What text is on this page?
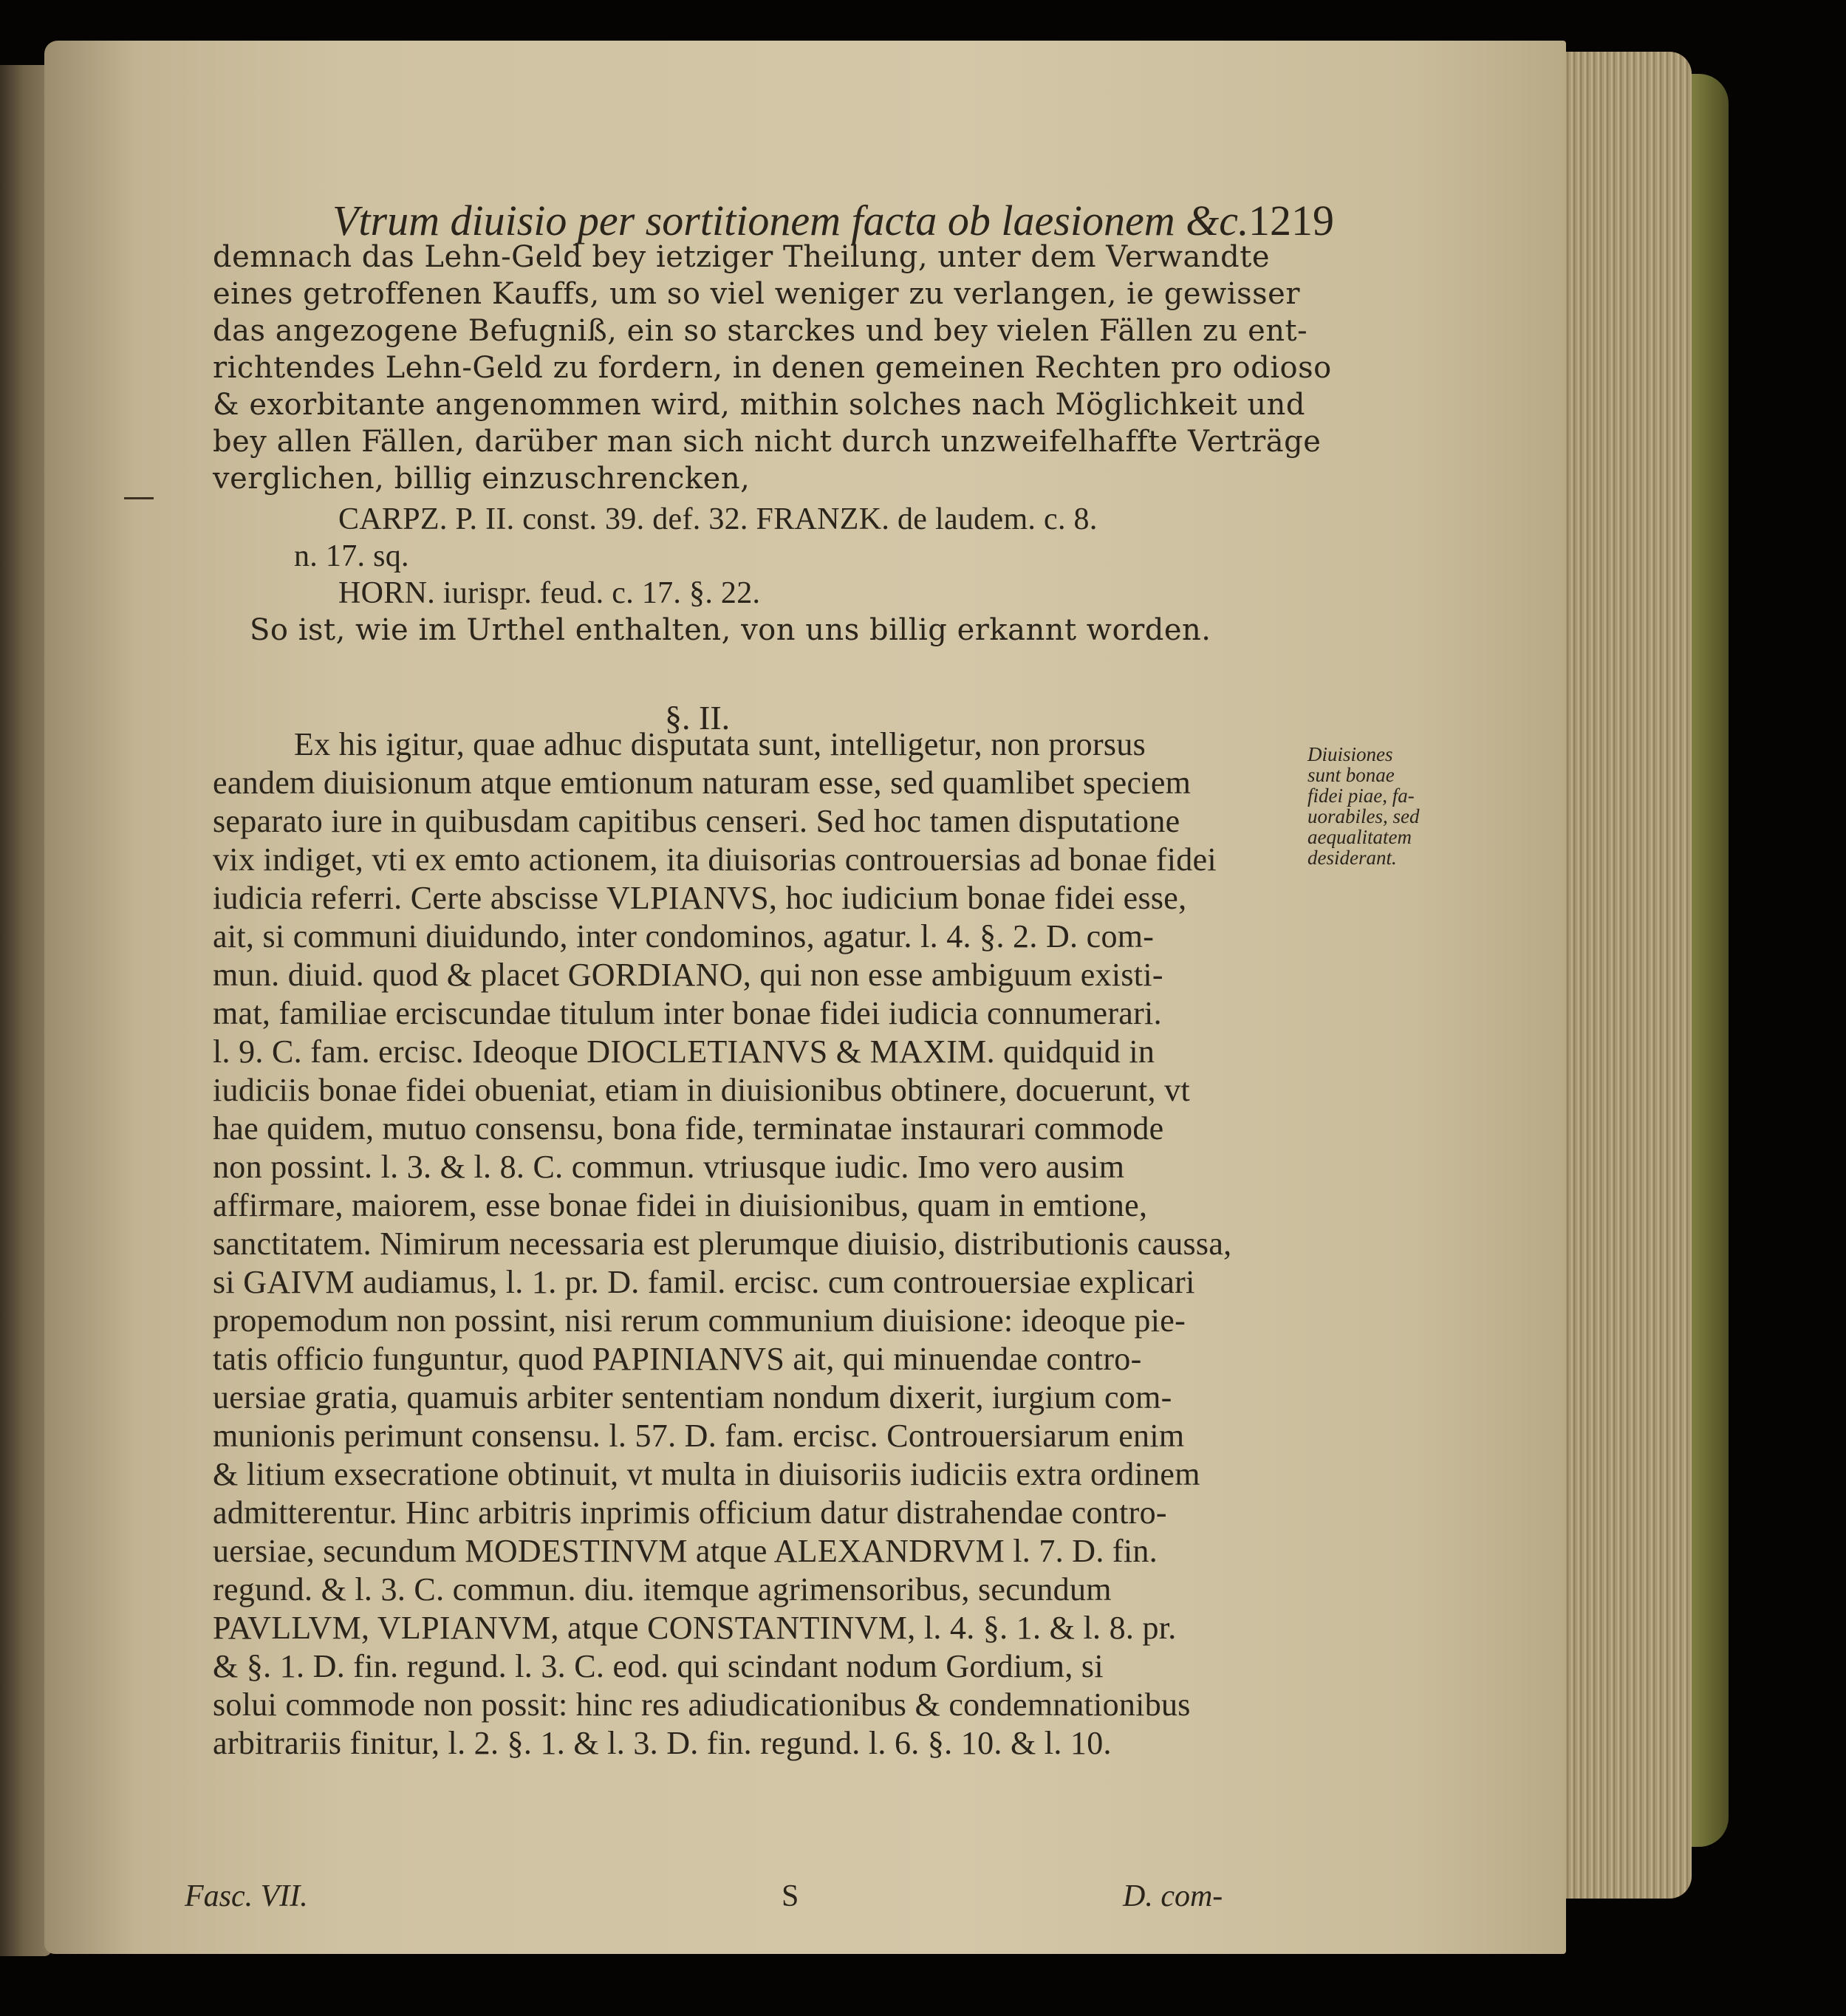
Vtrum diuisio per sortitionem facta ob laesionem &c. 1219
demnach das Lehn-Geld bey ietziger Theilung, unter dem Verwandte
eines getroffenen Kauffs, um so viel weniger zu verlangen, ie gewisser
das angezogene Befugniß, ein so starckes und bey vielen Fällen zu ent-
richtendes Lehn-Geld zu fordern, in denen gemeinen Rechten pro odioso
& exorbitante angenommen wird, mithin solches nach Möglichkeit und
bey allen Fällen, darüber man sich nicht durch unzweifelhaffte Verträge
verglichen, billig einzuschrencken,
CARPZ. P. II. const. 39. def. 32. FRANZK. de laudem. c. 8.
n. 17. sq.
HORN. iurispr. feud. c. 17. §. 22.
So ist, wie im Urthel enthalten, von uns billig erkannt worden.
Ex his igitur, quae adhuc disputata sunt, intelligetur, non prorsus
eandem diuisionum atque emtionum naturam esse, sed quamlibet speciem
separato iure in quibusdam capitibus censeri. Sed hoc tamen disputatione
vix indiget, vti ex emto actionem, ita diuisorias controuersias ad bonae fidei
iudicia referri. Certe abscisse VLPIANVS, hoc iudicium bonae fidei esse,
ait, si communi diuidundo, inter condominos, agatur. l. 4. §. 2. D. com-
mun. diuid. quod & placet GORDIANO, qui non esse ambiguum existi-
mat, familiae erciscundae titulum inter bonae fidei iudicia connumerari.
l. 9. C. fam. ercisc. Ideoque DIOCLETIANVS & MAXIM. quidquid in
iudiciis bonae fidei obueniat, etiam in diuisionibus obtinere, docuerunt, vt
hae quidem, mutuo consensu, bona fide, terminatae instaurari commode
non possint. l. 3. & l. 8. C. commun. vtriusque iudic. Imo vero ausim
affirmare, maiorem, esse bonae fidei in diuisionibus, quam in emtione,
sanctitatem. Nimirum necessaria est plerumque diuisio, distributionis caussa,
si GAIVM audiamus, l. 1. pr. D. famil. ercisc. cum controuersiae explicari
propemodum non possint, nisi rerum communium diuisione: ideoque pie-
tatis officio funguntur, quod PAPINIANVS ait, qui minuendae contro-
uersiae gratia, quamuis arbiter sententiam nondum dixerit, iurgium com-
munionis perimunt consensu. l. 57. D. fam. ercisc. Controuersiarum enim
& litium exsecratione obtinuit, vt multa in diuisoriis iudiciis extra ordinem
admitterentur. Hinc arbitris inprimis officium datur distrahendae contro-
uersiae, secundum MODESTINVM atque ALEXANDRVM l. 7. D. fin.
regund. & l. 3. C. commun. diu. itemque agrimensoribus, secundum
PAVLLVM, VLPIANVM, atque CONSTANTINVM, l. 4. §. 1. & l. 8. pr.
& §. 1. D. fin. regund. l. 3. C. eod. qui scindant nodum Gordium, si
solui commode non possit: hinc res adiudicationibus & condemnationibus
arbitrariis finitur, l. 2. §. 1. & l. 3. D. fin. regund. l. 6. §. 10. & l. 10.
§. II.
Diuisiones
sunt bonae
fidei piae, fa-
uorabiles, sed
aequalitatem
desiderant.
Fasc. VII.	S	D. com-
